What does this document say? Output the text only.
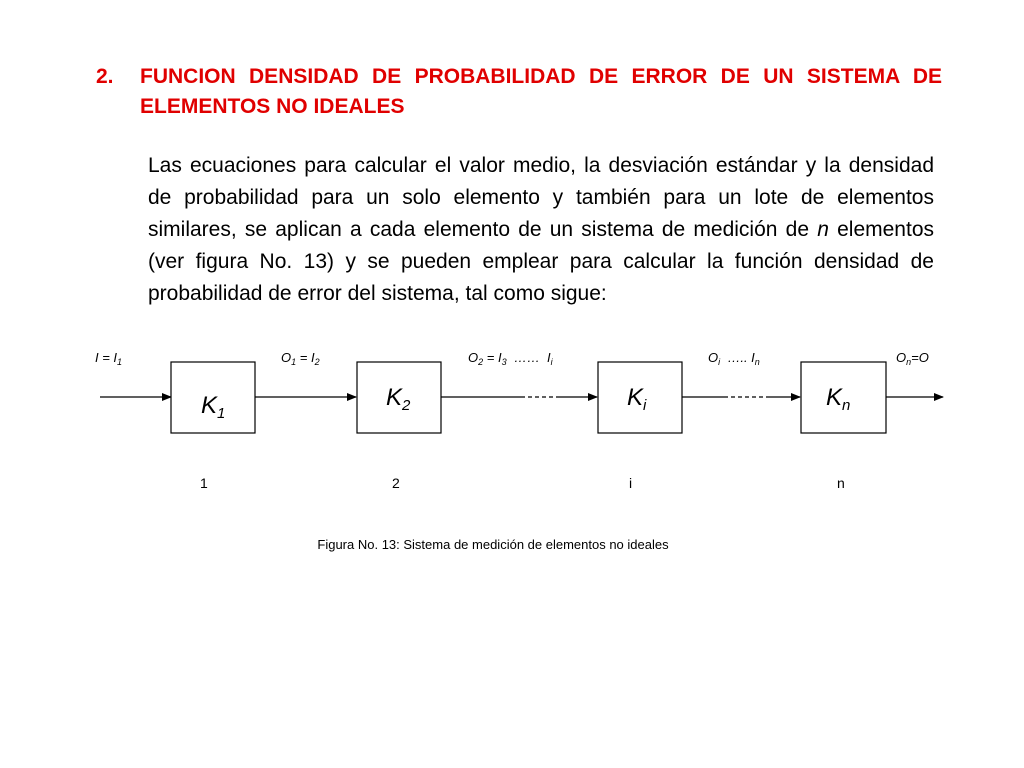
2. FUNCION DENSIDAD DE PROBABILIDAD DE ERROR DE UN SISTEMA DE ELEMENTOS NO IDEALES
Las ecuaciones para calcular el valor medio, la desviación estándar y la densidad de probabilidad para un solo elemento y también para un lote de elementos similares, se aplican a cada elemento de un sistema de medición de n elementos (ver figura No. 13) y se pueden emplear para calcular la función densidad de probabilidad de error del sistema, tal como sigue:
$I = I_1$	$O_1 = I_2$	$O_2 = I_3$  ……  $I_i$	$O_i$  ….. $I_n$	$O_n=O$
$K_1$
$K_2$	$K_i$	$K_n$
1	2	i	n
Figura No. 13: Sistema de medición de elementos no ideales
